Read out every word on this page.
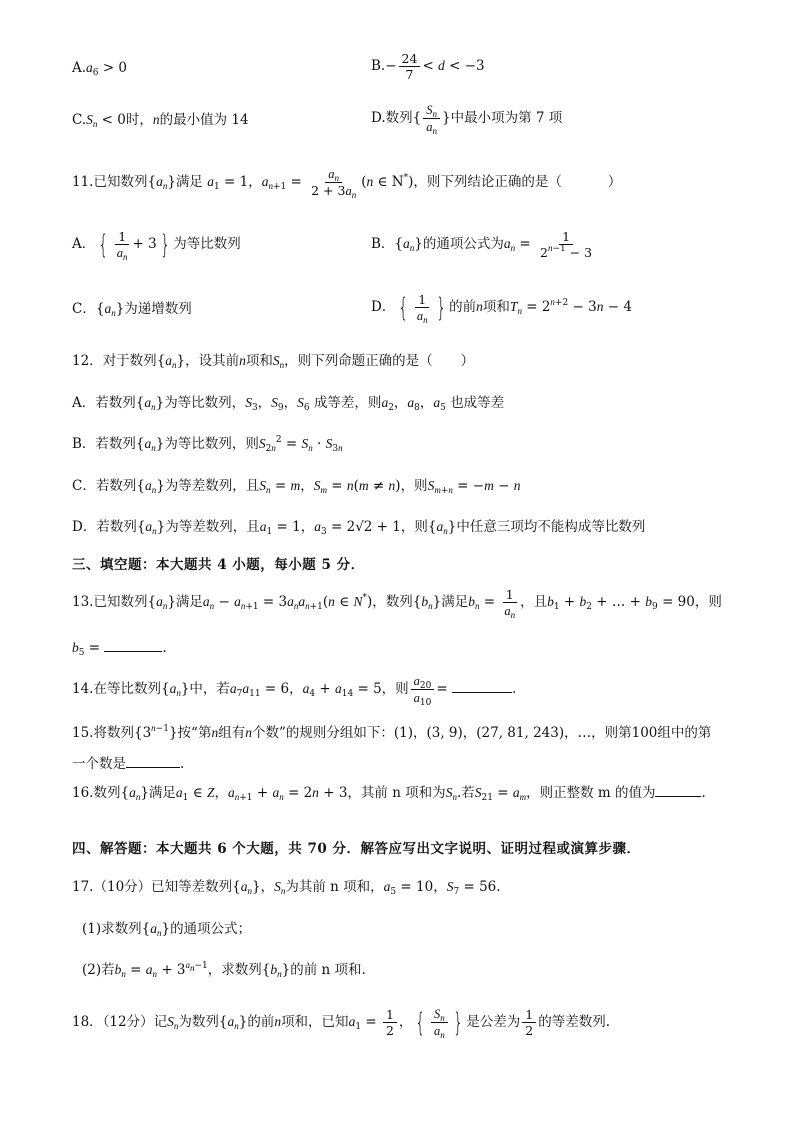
$A.a_6 > 0$	$B.- \frac{24}{7} < d < -3$
$C.S_n < 0$时，n的最小值为 14	D.数列{ $\frac{S_n}{a_n}$ }中最小项为第 7 项
11.已知数列$\{a_n\}$满足 $a_1 = 1$，$a_{n+1} = \frac{a_n}{2 + 3a_n} (n$ ∈ N*)，则下列结论正确的是（	）
A． { $\frac{1}{a_n} + 3$ } 为等比数列	B．$\{a_n\}$的通项公式为$a_n = \frac{1}{2^{n-1} - 3}$
C．$\{a_n\}$为递增数列	D． { $\frac{1}{a_n}$ } 的前n项和$T_n = 2^{n+2} - 3n - 4$
12．对于数列$\{a_n\}$，设其前n项和$S_n$，则下列命题正确的是（ ）
A．若数列$\{a_n\}$为等比数列，$S_3$，$S_9$，$S_6$ 成等差，则$a_2$，$a_8$，$a_5$ 也成等差
B．若数列$\{a_n\}$为等比数列，则$S_{2n}^2 = S_n \cdot S_{3n}$
C．若数列$\{a_n\}$为等差数列，且$S_n = m$，$S_m = n(m \ne n)$，则$S_{m+n} = -m - n$
D．若数列$\{a_n\}$为等差数列，且$a_1 = 1$，$a_3 = 2√2 + 1$，则$\{a_n\}$中任意三项均不能构成等比数列
三、填空题：本大题共 4 小题，每小题 5 分．
13.已知数列$\{a_n\}$满足$a_n - a_{n+1} = 3a_na_{n+1}(n$ ∈ N*)，数列$\{b_n\}$满足$b_n = \frac{1}{a_n}$ ，且$b_1 + b_2$ + … + $b_9 = 90$，则
$b_5$ =	.
14.在等比数列$\{a_n\}$中，若$a_7a_{11} = 6$，$a_4 + a_{14} = 5$，则 $\frac{a_{20}}{a_{10}}$ =	.
15.将数列$\{3^{n-1}\}$按“第n组有n个数”的规则分组如下：(1)，(3, 9)，(27, 81, 243)，…，则第100组中的第
一个数是	.
16.数列$\{a_n\}$满足$a_1$ ∈ Z，$a_{n+1} + a_n = 2n + 3$，其前 n 项和为$S_n$.若$S_{21} = a_m$，则正整数 m 的值为	.
四、解答题：本大题共 6 个大题，共 70 分．解答应写出文字说明、证明过程或演算步骤．
17.（10分）已知等差数列$\{a_n\}$，$S_n$为其前 n 项和，$a_5 = 10$，$S_7 = 56$.
(1)求数列$\{a_n\}$的通项公式；
(2)若$b_n = a_n + 3^{a_n-1}$，求数列$\{b_n\}$的前 n 项和.
18．（12分）记$S_n$为数列$\{a_n\}$的前n项和，已知$a_1 = \frac{1}{2}$ ， { $\frac{S_n}{a_n}$ } 是公差为 $\frac{1}{2}$ 的等差数列.
